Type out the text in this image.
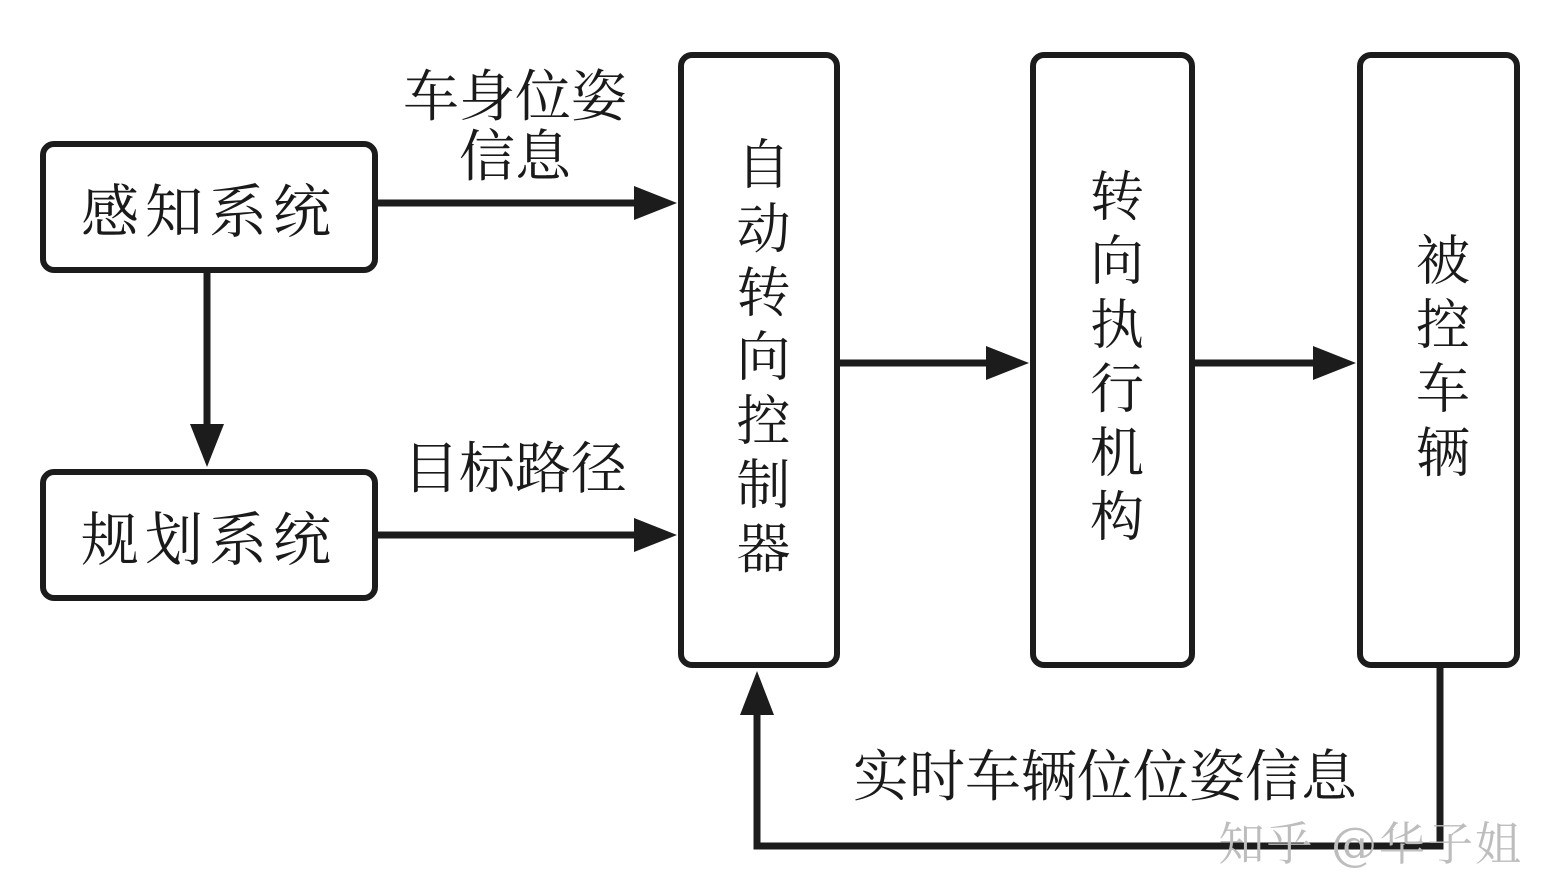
感知系统
规划系统	自动转向控制器	转向执行机构	被控车辆
车身位姿
信息
目标路径
实时车辆位位姿信息
知乎 @华子姐
